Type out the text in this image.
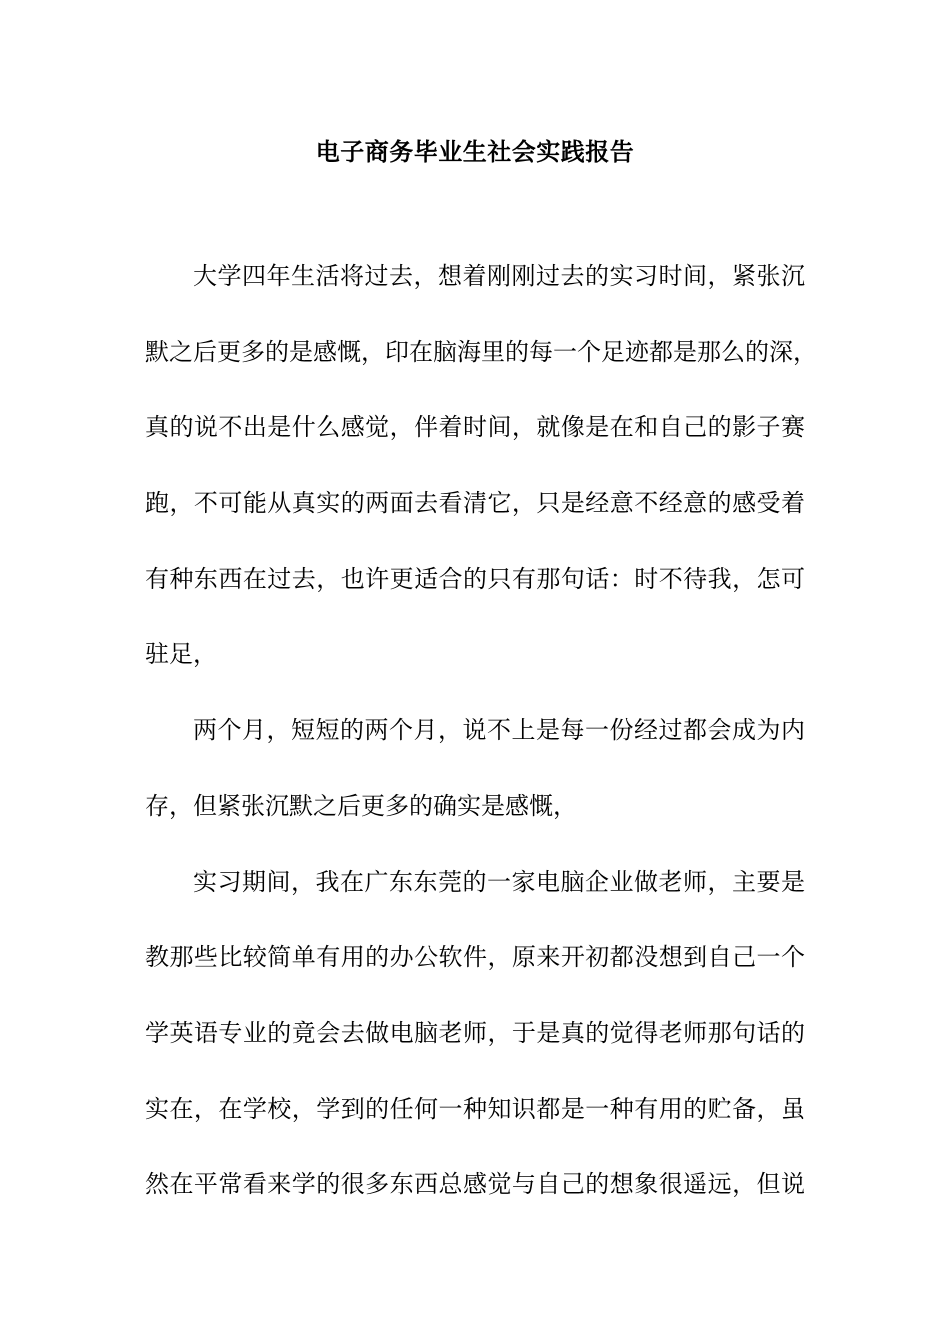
电子商务毕业生社会实践报告
大学四年生活将过去，想着刚刚过去的实习时间，紧张沉
默之后更多的是感慨，印在脑海里的每一个足迹都是那么的深，
真的说不出是什么感觉，伴着时间，就像是在和自己的影子赛
跑，不可能从真实的两面去看清它，只是经意不经意的感受着
有种东西在过去，也许更适合的只有那句话：时不待我，怎可
驻足，
两个月，短短的两个月，说不上是每一份经过都会成为内
存，但紧张沉默之后更多的确实是感慨，
实习期间，我在广东东莞的一家电脑企业做老师，主要是
教那些比较简单有用的办公软件，原来开初都没想到自己一个
学英语专业的竟会去做电脑老师，于是真的觉得老师那句话的
实在，在学校，学到的任何一种知识都是一种有用的贮备，虽
然在平常看来学的很多东西总感觉与自己的想象很遥远，但说
